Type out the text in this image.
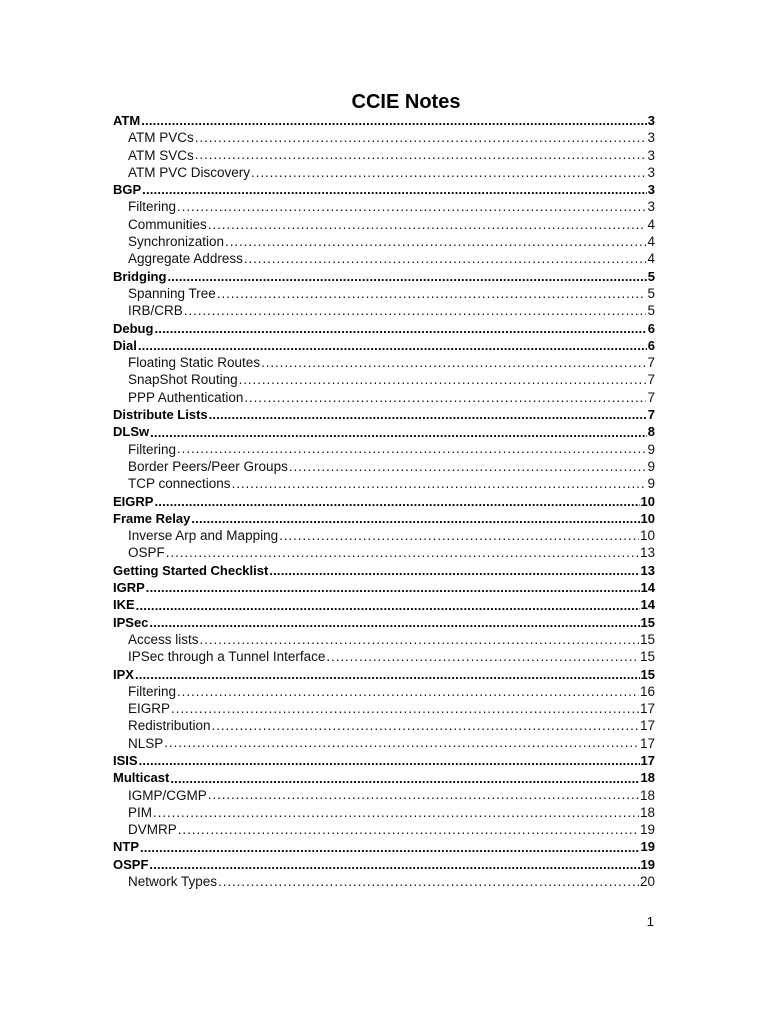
CCIE Notes
ATM .....	3
ATM PVCs .....	3
ATM SVCs .....	3
ATM PVC Discovery .....	3
BGP .....	3
Filtering .....	3
Communities .....	4
Synchronization .....	4
Aggregate Address .....	4
Bridging .....	5
Spanning Tree .....	5
IRB/CRB .....	5
Debug .....	6
Dial .....	6
Floating Static Routes .....	7
SnapShot Routing .....	7
PPP Authentication .....	7
Distribute Lists .....	7
DLSw .....	8
Filtering .....	9
Border Peers/Peer Groups .....	9
TCP connections .....	9
EIGRP .....	10
Frame Relay .....	10
Inverse Arp and Mapping .....	10
OSPF .....	13
Getting Started Checklist .....	13
IGRP .....	14
IKE .....	14
IPSec .....	15
Access lists .....	15
IPSec through a Tunnel Interface .....	15
IPX .....	15
Filtering .....	16
EIGRP .....	17
Redistribution .....	17
NLSP .....	17
ISIS .....	17
Multicast .....	18
IGMP/CGMP .....	18
PIM .....	18
DVMRP .....	19
NTP .....	19
OSPF .....	19
Network Types .....	20
1
